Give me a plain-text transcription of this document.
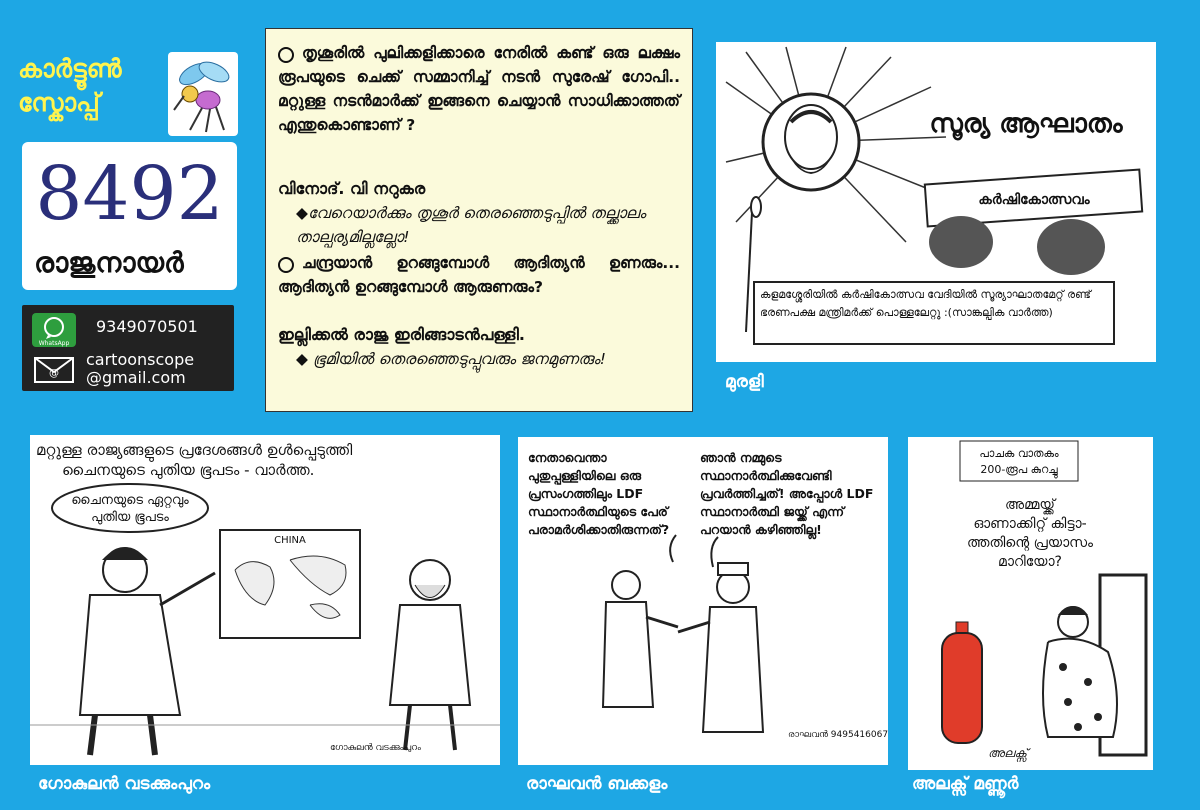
കാർട്ടൂൺ
സ്കോപ്പ്
8492
രാജുനായർ
WhatsApp
9349070501
@
cartoonscope
@gmail.com
തൃശൂരിൽ പുലിക്കളിക്കാരെ നേരിൽ കണ്ട് ഒരു ലക്ഷം രൂപയുടെ ചെക്ക് സമ്മാനിച്ച് നടൻ സുരേഷ് ഗോപി.. മറ്റുള്ള നടൻമാർക്ക് ഇങ്ങനെ ചെയ്യാൻ സാധിക്കാത്തത് എന്തുകൊണ്ടാണ് ?
വിനോദ്. വി നറുകര
◆വേറെയാർക്കും തൃശൂർ തെരഞ്ഞെടുപ്പിൽ തല്ക്കാലം താല്പര്യമില്ലല്ലോ!
ചന്ദ്രയാൻ ഉറങ്ങുമ്പോൾ ആദിത്യൻ ഉണരും... ആദിത്യൻ ഉറങ്ങുമ്പോൾ ആരുണരും?
ഇല്ലിക്കൽ രാജു ഇരിങ്ങാടൻപള്ളി.
◆ ഭൂമിയിൽ തെരഞ്ഞെടുപ്പുവരും ജനമുണരും!
സൂര്യ ആഘാതം
കർഷികോത്സവം
കളമശ്ശേരിയിൽ കർഷികോത്സവ വേദിയിൽ സൂര്യാഘാതമേറ്റ് രണ്ട് ഭരണപക്ഷ മന്ത്രിമർക്ക് പൊള്ളലേറ്റു :(സാങ്കല്പിക വാർത്ത)
മുരളി
മറ്റുള്ള രാജ്യങ്ങളുടെ പ്രദേശങ്ങൾ ഉൾപ്പെടുത്തി
ചൈനയുടെ പുതിയ ഭൂപടം - വാർത്ത.
ചൈനയുടെ ഏറ്റവും
പുതിയ ഭൂപടം
CHINA
ഗോകുലൻ വടക്കുംപുറം
ഗോകുലൻ വടക്കുംപുറം
നേതാവെന്താ പുതുപ്പള്ളിയിലെ ഒരു പ്രസംഗത്തിലും LDF സ്ഥാനാർത്ഥിയുടെ പേര് പരാമർശിക്കാതിരുന്നത്?
ഞാൻ നമ്മുടെ സ്ഥാനാർത്ഥിക്കുവേണ്ടി പ്രവർത്തിച്ചത്! അപ്പോൾ LDF സ്ഥാനാർത്ഥി ജയ്ക്ക് എന്ന് പറയാൻ കഴിഞ്ഞില്ല!
രാഘവൻ 9495416067
രാഘവൻ ബക്കളം
പാചക വാതകം
200-രൂപ കുറച്ചു
അമ്മയ്ക്ക്
ഓണാക്കിറ്റ് കിട്ടാ-
ത്തതിന്റെ പ്രയാസം
മാറിയോ?
അലക്സ്
അലക്സ് മണ്ണൂർ
